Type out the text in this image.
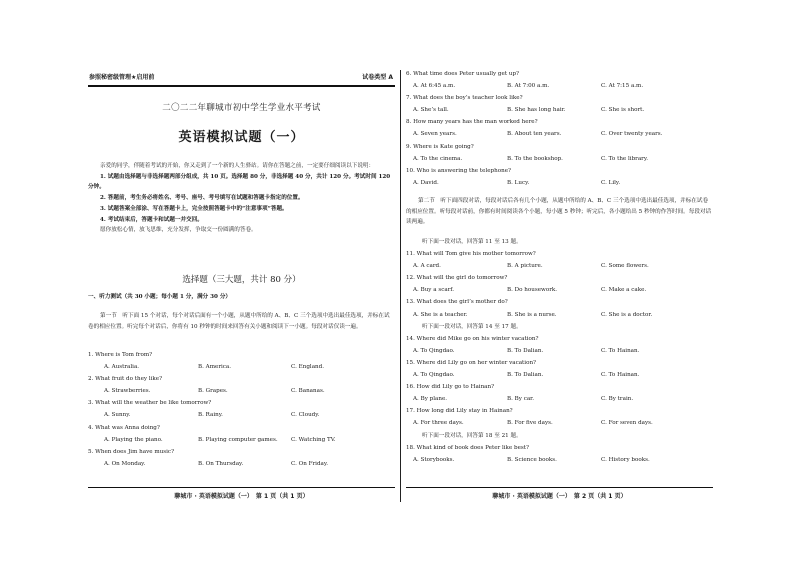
参照秘密级管理★启用前	试卷类型 A
二〇二二年聊城市初中学生学业水平考试
英语模拟试题（一）

亲爱的同学，伴随着考试的开始，你又走到了一个新的人生驿站。请你在答题之前，一定要仔细阅读以下说明：

1. 试题由选择题与非选择题两部分组成，共 10 页。选择题 80 分，非选择题 40 分，共计 120 分。考试时间 120 分钟。

2. 答题前，考生务必将姓名、考号、座号、考号填写在试题和答题卡指定的位置。

3. 试题答案全部涂、写在答题卡上，完全按照答题卡中的“注意事项”答题。

4. 考试结束后，答题卡和试题一并交回。

愿你放松心情，放飞思维，充分发挥，争取交一份圆满的答卷。

选择题（三大题，共计 80 分）
一、听力测试（共 30 小题；每小题 1 分，满分 30 分）

第一节　听下面 15 个对话，每个对话后面有一个小题，从题中所给的 A、B、C 三个选项中选出最佳选项，并标在试卷的相应位置。听完每个对话后，你将有 10 秒钟的时间来回答有关小题和阅读下一小题。每段对话仅读一遍。

1. Where is Tom from?
A. Australia.	B. America.	C. England.
2. What fruit do they like?
A. Strawberries.	B. Grapes.	C. Bananas.
3. What will the weather be like tomorrow?
A. Sunny.	B. Rainy.	C. Cloudy.
4. What was Anna doing?
A. Playing the piano.	B. Playing computer games. C. Watching TV.
5. When does Jim have music?
A. On Monday.	B. On Thursday.	C. On Friday.
聊城市 · 英语模拟试题（一）　第 1 页（共 1 页）
6. What time does Peter usually get up?
A. At 6:45 a.m.	B. At 7:00 a.m.	C. At 7:15 a.m.
7. What does the boy’s teacher look like?
A. She’s tall.	B. She has long hair.	C. She is short.
8. How many years has the man worked here?
A. Seven years.	B. About ten years.	C. Over twenty years.
9. Where is Kate going?
A. To the cinema.	B. To the bookshop.	C. To the library.
10. Who is answering the telephone?
A. David.	B. Lucy.	C. Lily.

第二节　听下面四段对话，每段对话后各有几个小题，从题中所给的 A、B、C 三个选项中选出最佳选项，并标在试卷的相应位置。听每段对话前，你都有时间阅读各个小题，每小题 5 秒钟；听完后，各小题给出 5 秒钟的作答时间。每段对话读两遍。

听下面一段对话，回答第 11 至 13 题。
11. What will Tom give his mother tomorrow?
A. A card.	B. A picture.	C. Some flowers.
12. What will the girl do tomorrow?
A. Buy a scarf.	B. Do housework.	C. Make a cake.
13. What does the girl’s mother do?
A. She is a teacher.	B. She is a nurse.	C. She is a doctor.
听下面一段对话，回答第 14 至 17 题。
14. Where did Mike go on his winter vacation?
A. To Qingdao.	B. To Dalian.	C. To Hainan.
15. Where did Lily go on her winter vacation?
A. To Qingdao.	B. To Dalian.	C. To Hainan.
16. How did Lily go to Hainan?
A. By plane.	B. By car.	C. By train.
17. How long did Lily stay in Hainan?
A. For three days.	B. For five days.	C. For seven days.
听下面一段对话，回答第 18 至 21 题。
18. What kind of book does Peter like best?
A. Storybooks.	B. Science books.	C. History books.
聊城市 · 英语模拟试题（一）　第 2 页（共 1 页）
